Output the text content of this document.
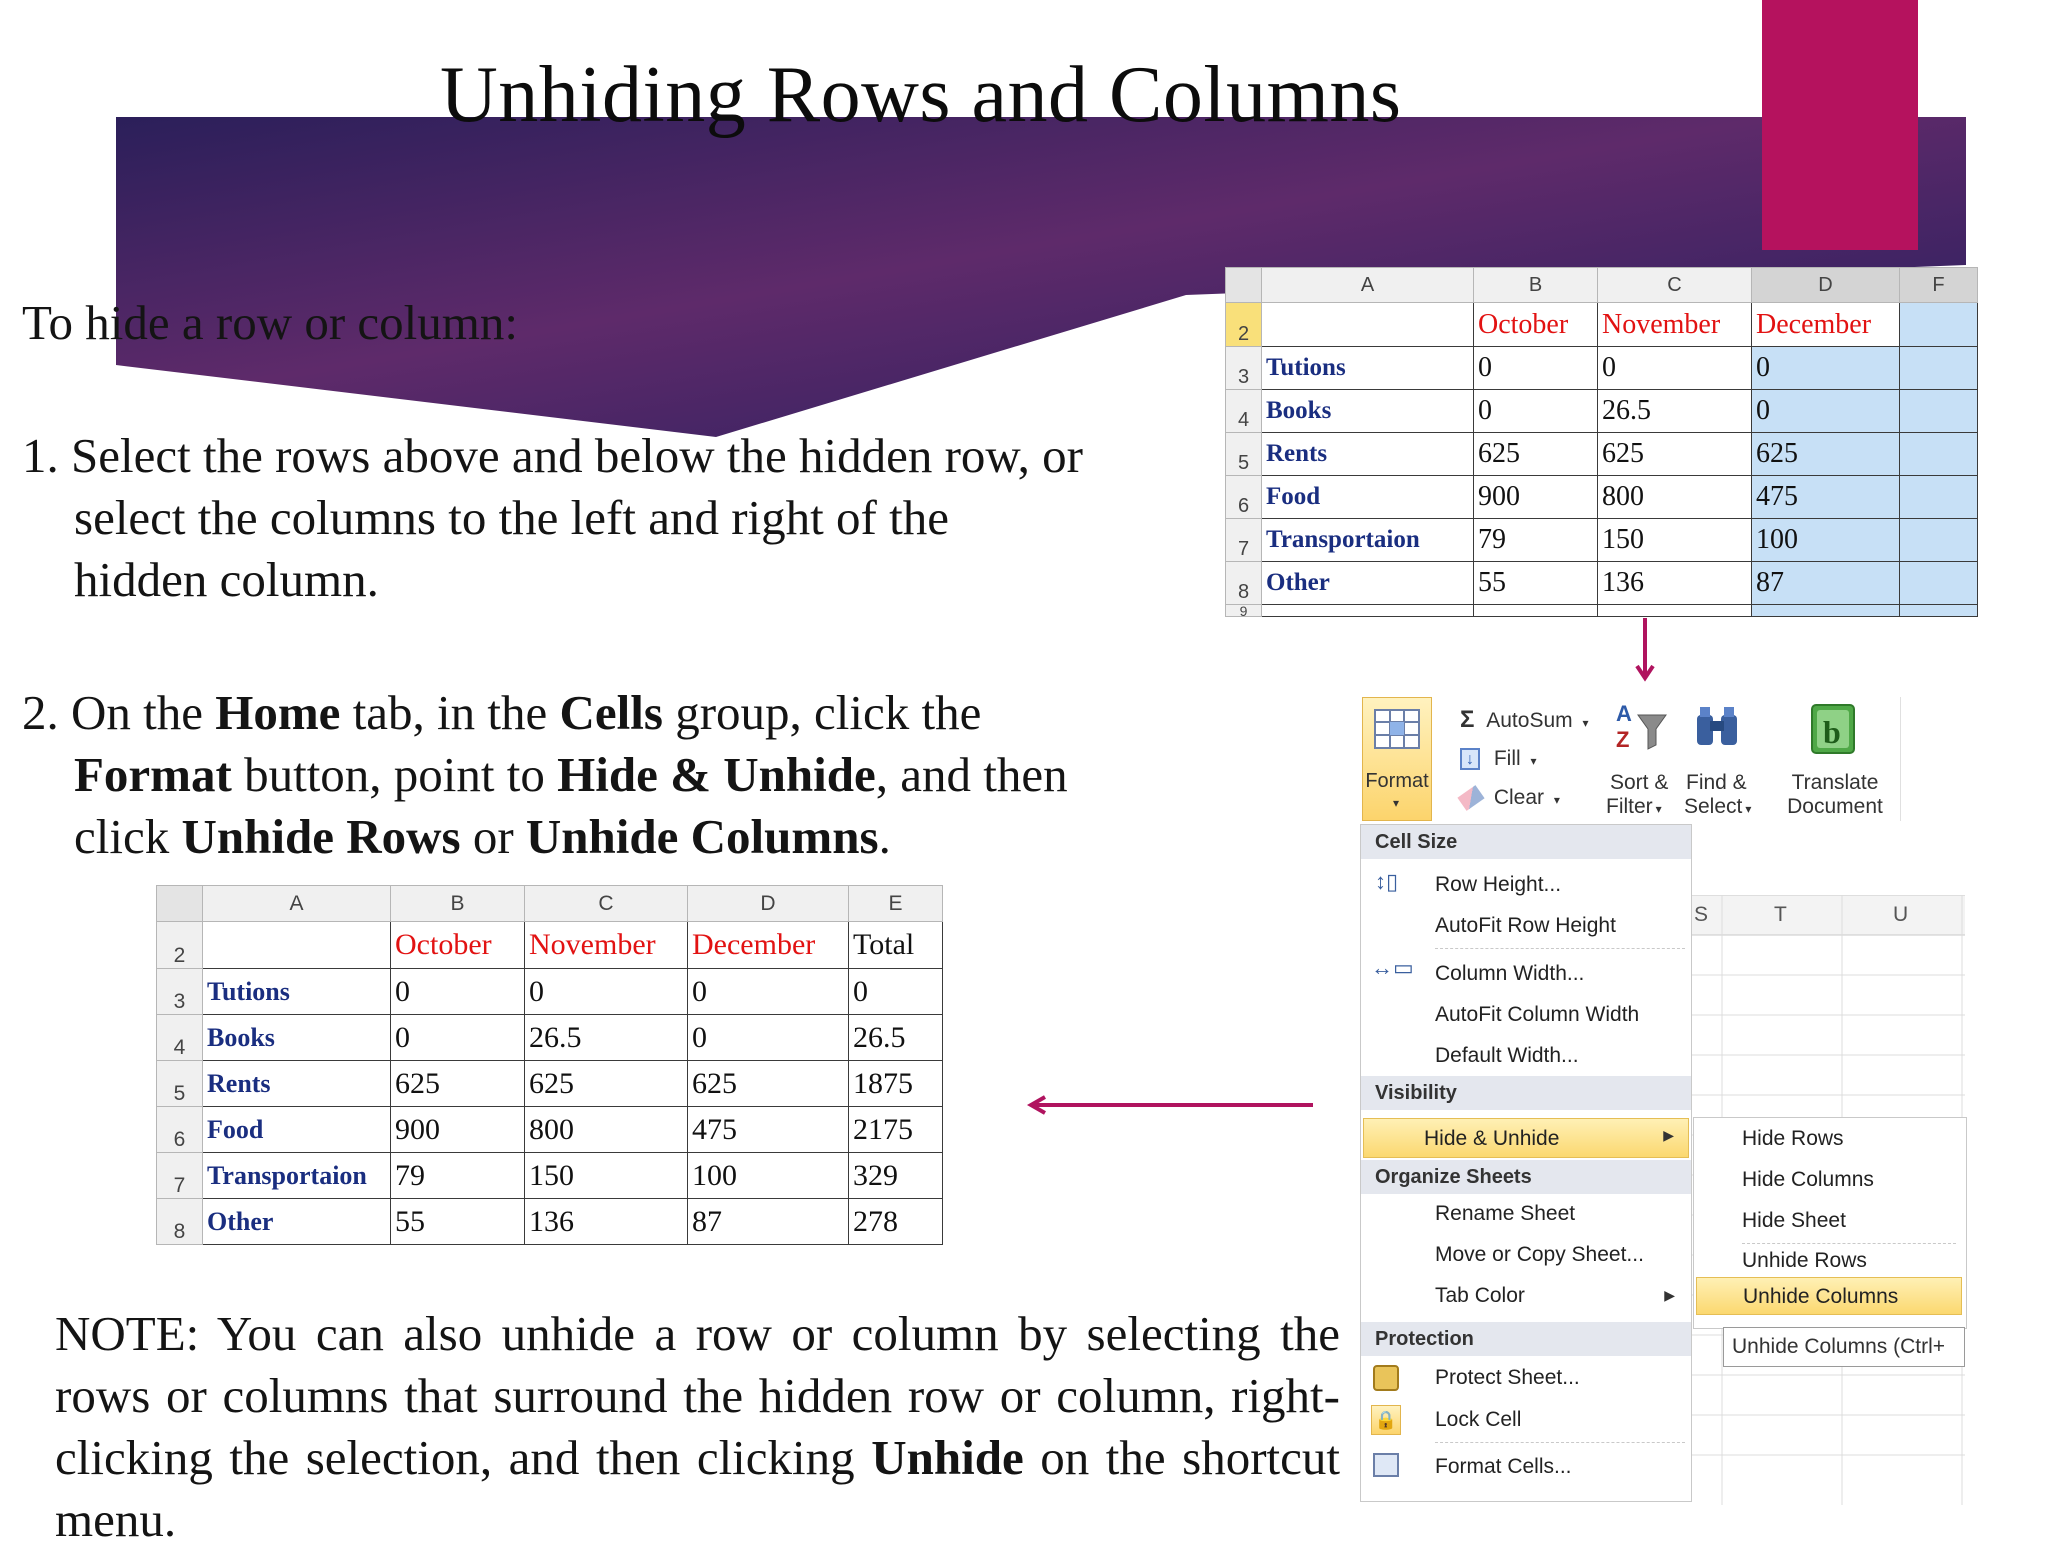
Unhiding Rows and Columns
To hide a row or column:
1. Select the rows above and below the hidden row, or
select the columns to the left and right of the
hidden column.
2. On the Home tab, in the Cells group, click the
Format button, point to Hide & Unhide, and then
click Unhide Rows or Unhide Columns.
NOTE: You can also unhide a row or column by selecting the rows or columns that surround the hidden row or column, right-clicking the selection, and then clicking Unhide on the shortcut menu.
	A	B	C	D	F
2		October	November	December	
3	Tutions	0	0	0	
4	Books	0	26.5	0	
5	Rents	625	625	625	
6	Food	900	800	475	
7	Transportaion	79	150	100	
8	Other	55	136	87	
9					
	A	B	C	D	E
2		October	November	December	Total
3	Tutions	0	0	0	0
4	Books	0	26.5	0	26.5
5	Rents	625	625	625	1875
6	Food	900	800	475	2175
7	Transportaion	79	150	100	329
8	Other	55	136	87	278
S	T	U
Format
▾
Σ AutoSum ▾
↓ Fill ▾
Clear ▾
A
Z
Sort &
Filter ▾
Find &
Select ▾
b
Translate
Document
Cell Size
↕▯ Row Height...
AutoFit Row Height
↔▭ Column Width...
AutoFit Column Width
Default Width...
Visibility
Hide & Unhide	▶
Organize Sheets
Rename Sheet
Move or Copy Sheet...
Tab Color	▶
Protection
Protect Sheet...
🔒 Lock Cell
Format Cells...
Hide Rows
Hide Columns
Hide Sheet
Unhide Rows
Unhide Columns
Unhide Columns (Ctrl+
